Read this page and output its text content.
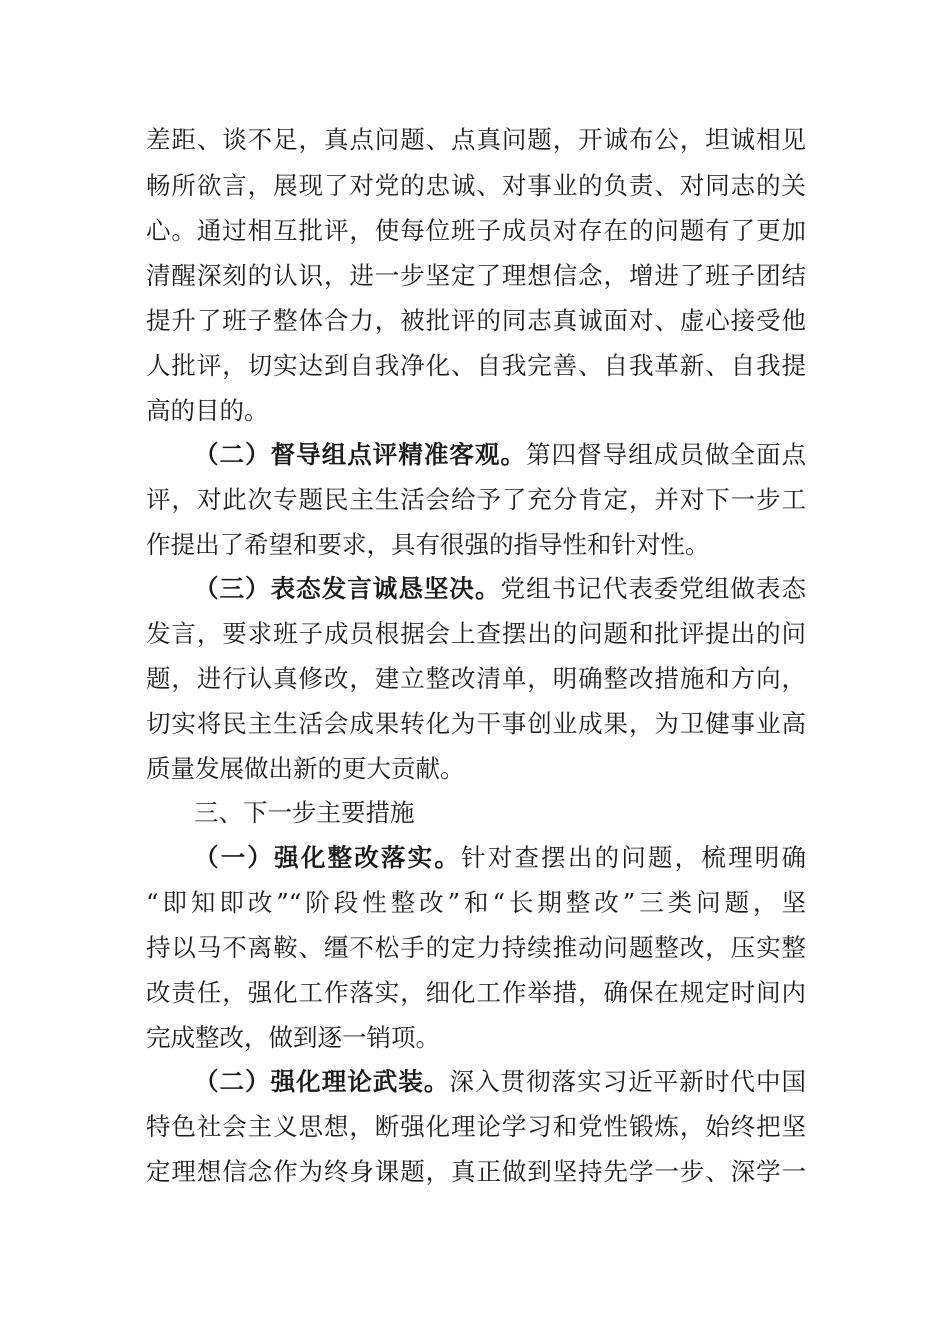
差距、谈不足，真点问题、点真问题，开诚布公，坦诚相见
畅所欲言，展现了对党的忠诚、对事业的负责、对同志的关
心。通过相互批评，使每位班子成员对存在的问题有了更加
清醒深刻的认识，进一步坚定了理想信念，增进了班子团结
提升了班子整体合力，被批评的同志真诚面对、虚心接受他
人批评，切实达到自我净化、自我完善、自我革新、自我提
高的目的。
（二）督导组点评精准客观。第四督导组成员做全面点
评，对此次专题民主生活会给予了充分肯定，并对下一步工
作提出了希望和要求，具有很强的指导性和针对性。
（三）表态发言诚恳坚决。党组书记代表委党组做表态
发言，要求班子成员根据会上查摆出的问题和批评提出的问
题，进行认真修改，建立整改清单，明确整改措施和方向，
切实将民主生活会成果转化为干事创业成果，为卫健事业高
质量发展做出新的更大贡献。
三、下一步主要措施
（一）强化整改落实。针对查摆出的问题，梳理明确
“即知即改”“阶段性整改”和“长期整改”三类问题，坚
持以马不离鞍、缰不松手的定力持续推动问题整改，压实整
改责任，强化工作落实，细化工作举措，确保在规定时间内
完成整改，做到逐一销项。
（二）强化理论武装。深入贯彻落实习近平新时代中国
特色社会主义思想，断强化理论学习和党性锻炼，始终把坚
定理想信念作为终身课题，真正做到坚持先学一步、深学一
